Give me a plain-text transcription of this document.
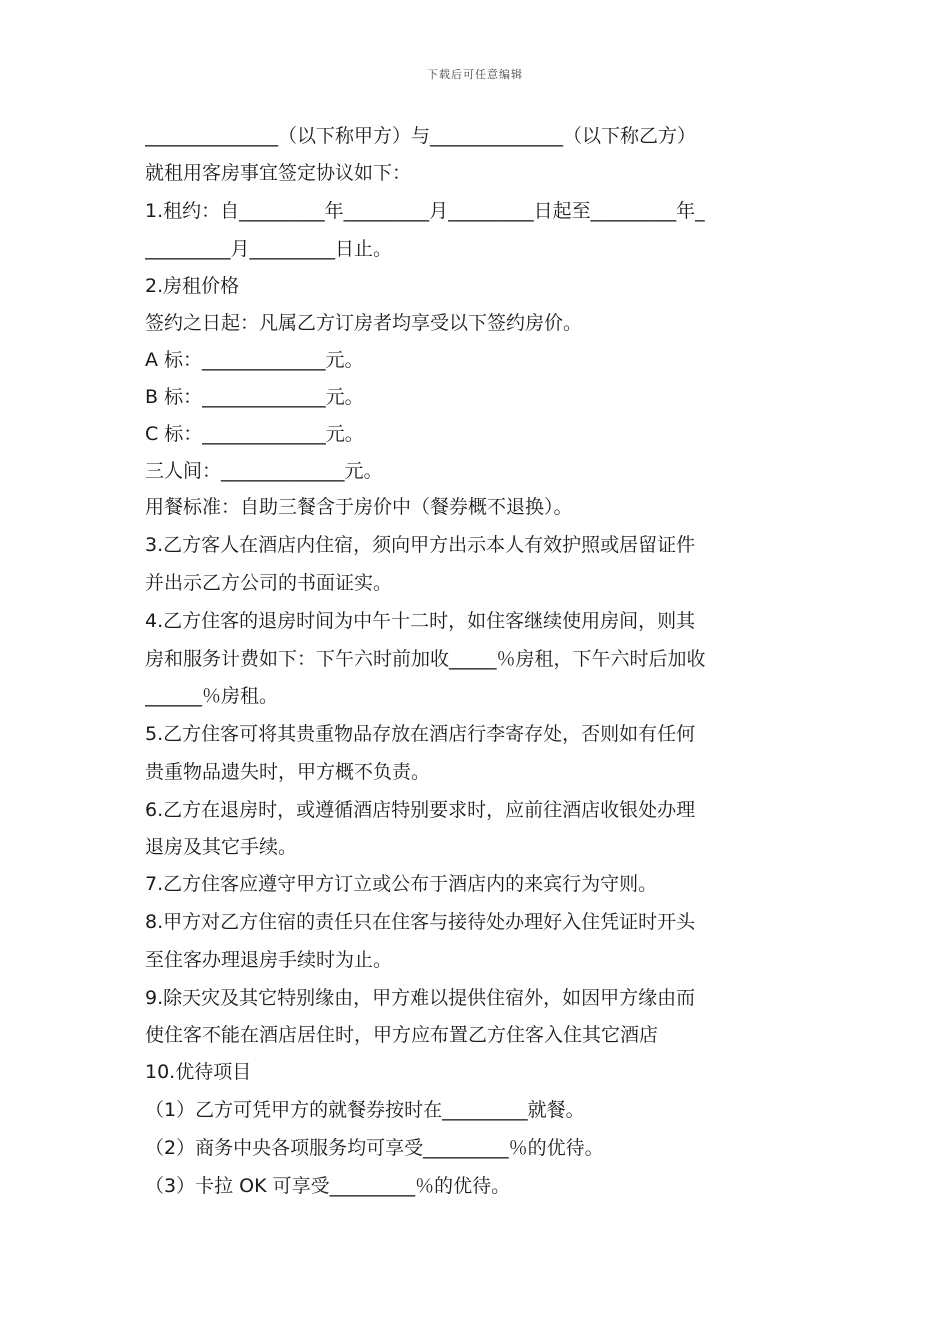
下载后可任意编辑
______________（以下称甲方）与______________（以下称乙方）
就租用客房事宜签定协议如下：
1.租约：自_________年_________月_________日起至_________年_
_________月_________日止。
2.房租价格
签约之日起：凡属乙方订房者均享受以下签约房价。
A 标：_____________元。
B 标：_____________元。
C 标：_____________元。
三人间：_____________元。
用餐标准：自助三餐含于房价中（餐券概不退换）。
3.乙方客人在酒店内住宿，须向甲方出示本人有效护照或居留证件
并出示乙方公司的书面证实。
4.乙方住客的退房时间为中午十二时，如住客继续使用房间，则其
房和服务计费如下：下午六时前加收_____％房租，下午六时后加收
______％房租。
5.乙方住客可将其贵重物品存放在酒店行李寄存处，否则如有任何
贵重物品遗失时，甲方概不负责。
6.乙方在退房时，或遵循酒店特别要求时，应前往酒店收银处办理
退房及其它手续。
7.乙方住客应遵守甲方订立或公布于酒店内的来宾行为守则。
8.甲方对乙方住宿的责任只在住客与接待处办理好入住凭证时开头
至住客办理退房手续时为止。
9.除天灾及其它特别缘由，甲方难以提供住宿外，如因甲方缘由而
使住客不能在酒店居住时，甲方应布置乙方住客入住其它酒店
10.优待项目
（1）乙方可凭甲方的就餐券按时在_________就餐。
（2）商务中央各项服务均可享受_________％的优待。
（3）卡拉 OK 可享受_________％的优待。
